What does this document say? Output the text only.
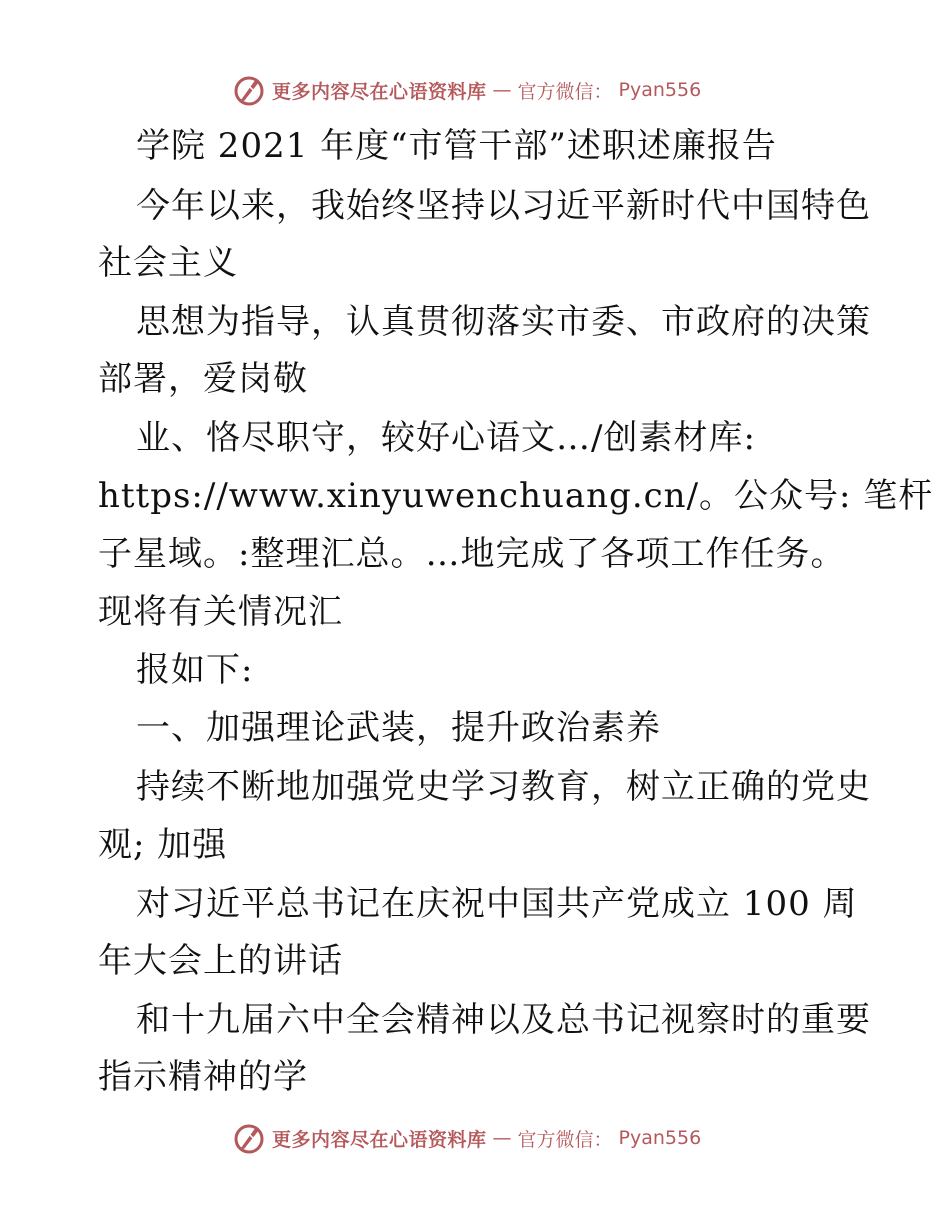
更多内容尽在心语资料库 — 官方微信： Pyan556
学院 2021 年度“市管干部”述职述廉报告
今年以来，我始终坚持以习近平新时代中国特色
社会主义
思想为指导，认真贯彻落实市委、市政府的决策
部署，爱岗敬
业、恪尽职守，较好心语文…/创素材库:
https://www.xinyuwenchuang.cn/。公众号: 笔杆
子星域。:整理汇总。…地完成了各项工作任务。
现将有关情况汇
报如下:
一、加强理论武装，提升政治素养
持续不断地加强党史学习教育，树立正确的党史
观; 加强
对习近平总书记在庆祝中国共产党成立 100 周
年大会上的讲话
和十九届六中全会精神以及总书记视察时的重要
指示精神的学
更多内容尽在心语资料库 — 官方微信： Pyan556
